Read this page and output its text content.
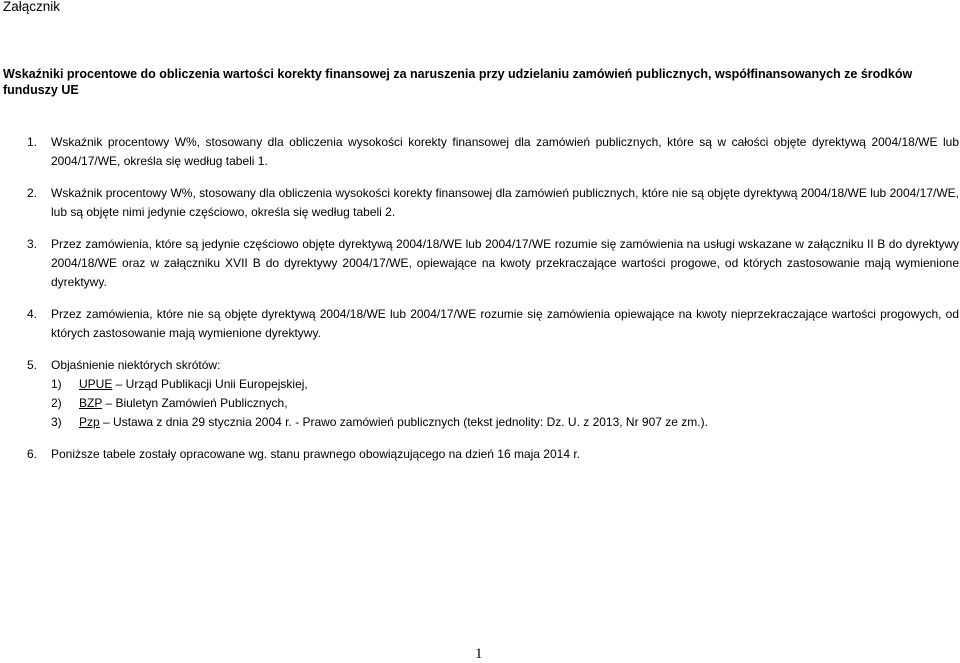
Załącznik
Wskaźniki procentowe do obliczenia wartości korekty finansowej za naruszenia przy udzielaniu zamówień publicznych, współfinansowanych ze środków funduszy UE
1. Wskaźnik procentowy W%, stosowany dla obliczenia wysokości korekty finansowej dla zamówień publicznych, które są w całości objęte dyrektywą 2004/18/WE lub 2004/17/WE, określa się według tabeli 1.
2. Wskaźnik procentowy W%, stosowany dla obliczenia wysokości korekty finansowej dla zamówień publicznych, które nie są objęte dyrektywą 2004/18/WE lub 2004/17/WE, lub są objęte nimi jedynie częściowo, określa się według tabeli 2.
3. Przez zamówienia, które są jedynie częściowo objęte dyrektywą 2004/18/WE lub 2004/17/WE rozumie się zamówienia na usługi wskazane w załączniku II B do dyrektywy 2004/18/WE oraz w załączniku XVII B do dyrektywy 2004/17/WE, opiewające na kwoty przekraczające wartości progowe, od których zastosowanie mają wymienione dyrektywy.
4. Przez zamówienia, które nie są objęte dyrektywą 2004/18/WE lub 2004/17/WE rozumie się zamówienia opiewające na kwoty nieprzekraczające wartości progowych, od których zastosowanie mają wymienione dyrektywy.
5. Objaśnienie niektórych skrótów:
1) UPUE – Urząd Publikacji Unii Europejskiej,
2) BZP – Biuletyn Zamówień Publicznych,
3) Pzp – Ustawa z dnia 29 stycznia 2004 r. - Prawo zamówień publicznych (tekst jednolity: Dz. U. z 2013, Nr 907 ze zm.).
6. Poniższe tabele zostały opracowane wg. stanu prawnego obowiązującego na dzień 16 maja 2014 r.
1
